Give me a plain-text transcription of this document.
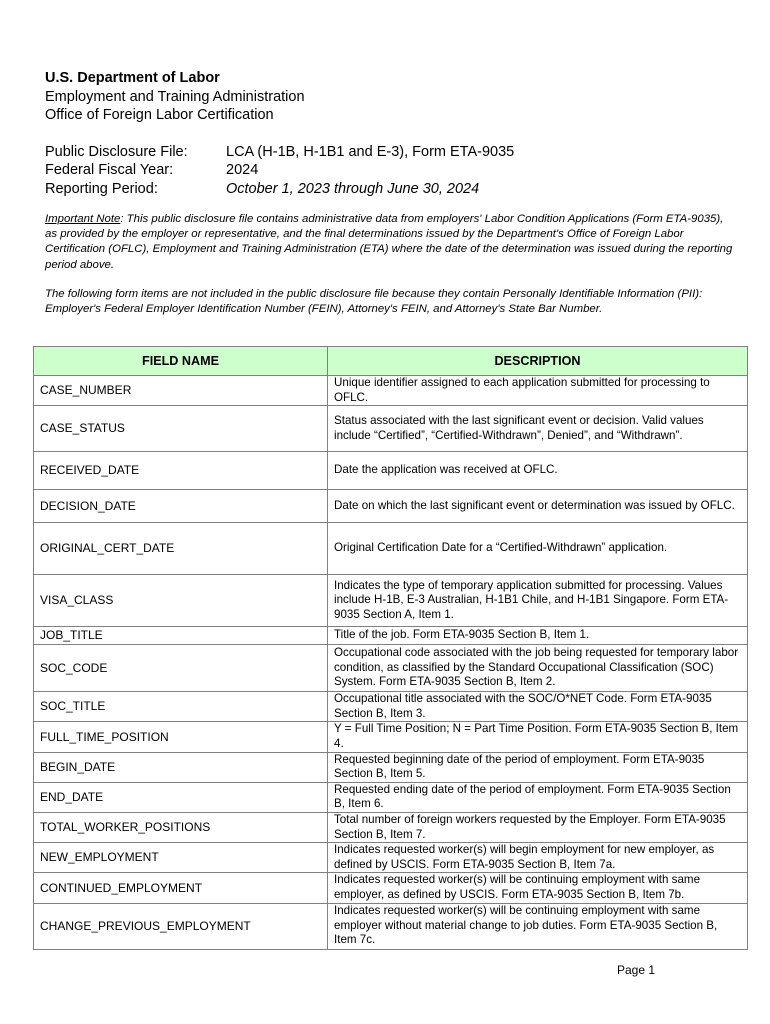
U.S. Department of Labor
Employment and Training Administration
Office of Foreign Labor Certification
Public Disclosure File:	LCA (H-1B, H-1B1 and E-3), Form ETA-9035
Federal Fiscal Year:	2024
Reporting Period:	October 1, 2023 through June 30, 2024
Important Note: This public disclosure file contains administrative data from employers' Labor Condition Applications (Form ETA-9035), as provided by the employer or representative, and the final determinations issued by the Department's Office of Foreign Labor Certification (OFLC), Employment and Training Administration (ETA) where the date of the determination was issued during the reporting period above.
The following form items are not included in the public disclosure file because they contain Personally Identifiable Information (PII): Employer's Federal Employer Identification Number (FEIN), Attorney's FEIN, and Attorney's State Bar Number.
FIELD NAME	DESCRIPTION
CASE_NUMBER	Unique identifier assigned to each application submitted for processing to OFLC.
CASE_STATUS	Status associated with the last significant event or decision. Valid values include “Certified”, “Certified-Withdrawn”, Denied”, and “Withdrawn”.
RECEIVED_DATE	Date the application was received at OFLC.
DECISION_DATE	Date on which the last significant event or determination was issued by OFLC.
ORIGINAL_CERT_DATE	Original Certification Date for a “Certified-Withdrawn” application.
VISA_CLASS	Indicates the type of temporary application submitted for processing. Values include H-1B, E-3 Australian, H-1B1 Chile, and H-1B1 Singapore. Form ETA-9035 Section A, Item 1.
JOB_TITLE	Title of the job. Form ETA-9035 Section B, Item 1.
SOC_CODE	Occupational code associated with the job being requested for temporary labor condition, as classified by the Standard Occupational Classification (SOC) System. Form ETA-9035 Section B, Item 2.
SOC_TITLE	Occupational title associated with the SOC/O*NET Code. Form ETA-9035 Section B, Item 3.
FULL_TIME_POSITION	Y = Full Time Position; N = Part Time Position. Form ETA-9035 Section B, Item 4.
BEGIN_DATE	Requested beginning date of the period of employment. Form ETA-9035 Section B, Item 5.
END_DATE	Requested ending date of the period of employment. Form ETA-9035 Section B, Item 6.
TOTAL_WORKER_POSITIONS	Total number of foreign workers requested by the Employer. Form ETA-9035 Section B, Item 7.
NEW_EMPLOYMENT	Indicates requested worker(s) will begin employment for new employer, as defined by USCIS. Form ETA-9035 Section B, Item 7a.
CONTINUED_EMPLOYMENT	Indicates requested worker(s) will be continuing employment with same employer, as defined by USCIS. Form ETA-9035 Section B, Item 7b.
CHANGE_PREVIOUS_EMPLOYMENT	Indicates requested worker(s) will be continuing employment with same employer without material change to job duties. Form ETA-9035 Section B, Item 7c.
Page 1
